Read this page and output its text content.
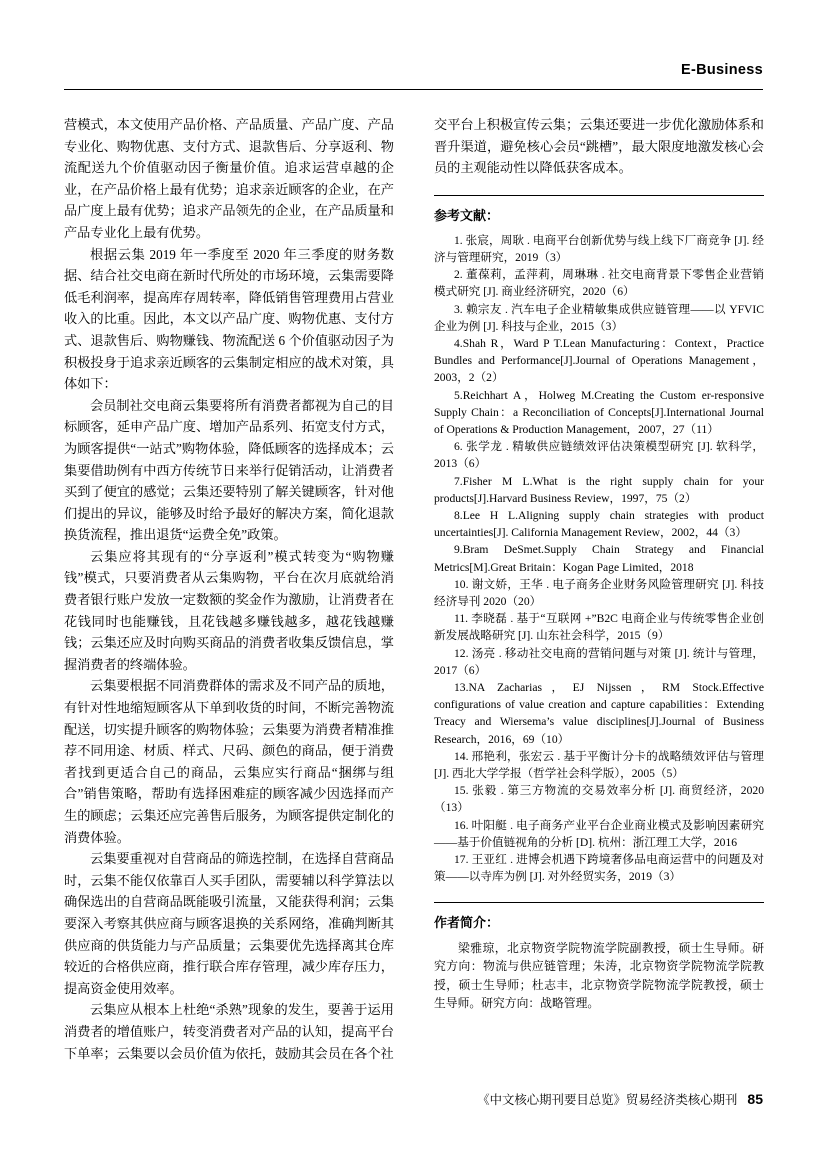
E-Business

营模式，本文使用产品价格、产品质量、产品广度、产品专业化、购物优惠、支付方式、退款售后、分享返利、物流配送九个价值驱动因子衡量价值。追求运营卓越的企业，在产品价格上最有优势；追求亲近顾客的企业，在产品广度上最有优势；追求产品领先的企业，在产品质量和产品专业化上最有优势。

根据云集 2019 年一季度至 2020 年三季度的财务数据、结合社交电商在新时代所处的市场环境，云集需要降低毛利润率，提高库存周转率，降低销售管理费用占营业收入的比重。因此，本文以产品广度、购物优惠、支付方式、退款售后、购物赚钱、物流配送 6 个价值驱动因子为积极投身于追求亲近顾客的云集制定相应的战术对策，具体如下：

会员制社交电商云集要将所有消费者都视为自己的目标顾客，延申产品广度、增加产品系列、拓宽支付方式，为顾客提供“一站式”购物体验，降低顾客的选择成本；云集要借助例有中西方传统节日来举行促销活动，让消费者买到了便宜的感觉；云集还要特别了解关键顾客，针对他们提出的异议，能够及时给予最好的解决方案，简化退款换货流程，推出退货“运费全免”政策。

云集应将其现有的“分享返利”模式转变为“购物赚钱”模式，只要消费者从云集购物，平台在次月底就给消费者银行账户发放一定数额的奖金作为激励，让消费者在花钱同时也能赚钱，且花钱越多赚钱越多，越花钱越赚钱；云集还应及时向购买商品的消费者收集反馈信息，掌握消费者的终端体验。

云集要根据不同消费群体的需求及不同产品的质地，有针对性地缩短顾客从下单到收货的时间，不断完善物流配送，切实提升顾客的购物体验；云集要为消费者精准推荐不同用途、材质、样式、尺码、颜色的商品，便于消费者找到更适合自己的商品，云集应实行商品“捆绑与组合”销售策略，帮助有选择困难症的顾客减少因选择而产生的顾虑；云集还应完善售后服务，为顾客提供定制化的消费体验。

云集要重视对自营商品的筛选控制，在选择自营商品时，云集不能仅依靠百人买手团队，需要辅以科学算法以确保选出的自营商品既能吸引流量，又能获得利润；云集要深入考察其供应商与顾客退换的关系网络，准确判断其供应商的供货能力与产品质量；云集要优先选择离其仓库较近的合格供应商，推行联合库存管理，减少库存压力，提高资金使用效率。

云集应从根本上杜绝“杀熟”现象的发生，要善于运用消费者的增值账户，转变消费者对产品的认知，提高平台下单率；云集要以会员价值为依托，鼓励其会员在各个社

交平台上积极宣传云集；云集还要进一步优化激励体系和晋升渠道，避免核心会员“跳槽”，最大限度地激发核心会员的主观能动性以降低获客成本。

参考文献：
1. 张宸，周耿 . 电商平台创新优势与线上线下厂商竞争 [J]. 经济与管理研究，2019（3）
2. 董葆莉，孟萍莉，周琳琳 . 社交电商背景下零售企业营销模式研究 [J]. 商业经济研究，2020（6）
3. 赖宗友 . 汽车电子企业精敏集成供应链管理——以 YFVIC 企业为例 [J]. 科技与企业，2015（3）
4.Shah R，Ward P T.Lean Manufacturing：Context，Practice Bundles and Performance[J].Journal of Operations Management，2003，2（2）
5.Reichhart A，Holweg M.Creating the Custom er-responsive Supply Chain：a Reconciliation of Concepts[J].International Journal of Operations & Production Management，2007，27（11）
6. 张学龙 . 精敏供应链绩效评估决策模型研究 [J]. 软科学，2013（6）
7.Fisher M L.What is the right supply chain for your products[J].Harvard Business Review，1997，75（2）
8.Lee H L.Aligning supply chain strategies with product uncertainties[J]. California Management Review，2002，44（3）
9.Bram DeSmet.Supply Chain Strategy and Financial Metrics[M].Great Britain：Kogan Page Limited，2018
10. 谢文娇，王华 . 电子商务企业财务风险管理研究 [J]. 科技经济导刊 2020（20）
11. 李晓磊 . 基于“互联网 +”B2C 电商企业与传统零售企业创新发展战略研究 [J]. 山东社会科学，2015（9）
12. 汤亮 . 移动社交电商的营销问题与对策 [J]. 统计与管理，2017（6）
13.NA Zacharias，EJ Nijssen，RM Stock.Effective configurations of value creation and capture capabilities：Extending Treacy and Wiersema’s value disciplines[J].Journal of Business Research，2016，69（10）
14. 邢艳利，张宏云 . 基于平衡计分卡的战略绩效评估与管理 [J]. 西北大学学报（哲学社会科学版），2005（5）
15. 张毅 . 第三方物流的交易效率分析 [J]. 商贸经济，2020（13）
16. 叶阳艇 . 电子商务产业平台企业商业模式及影响因素研究——基于价值链视角的分析 [D]. 杭州：浙江理工大学，2016
17. 王亚红 . 进博会机遇下跨境奢侈品电商运营中的问题及对策——以寺库为例 [J]. 对外经贸实务，2019（3）
作者简介：

梁雅琼，北京物资学院物流学院副教授，硕士生导师。研究方向：物流与供应链管理；朱涛，北京物资学院物流学院教授，硕士生导师；杜志丰，北京物资学院物流学院教授，硕士生导师。研究方向：战略管理。

《中文核心期刊要目总览》贸易经济类核心期刊 85
